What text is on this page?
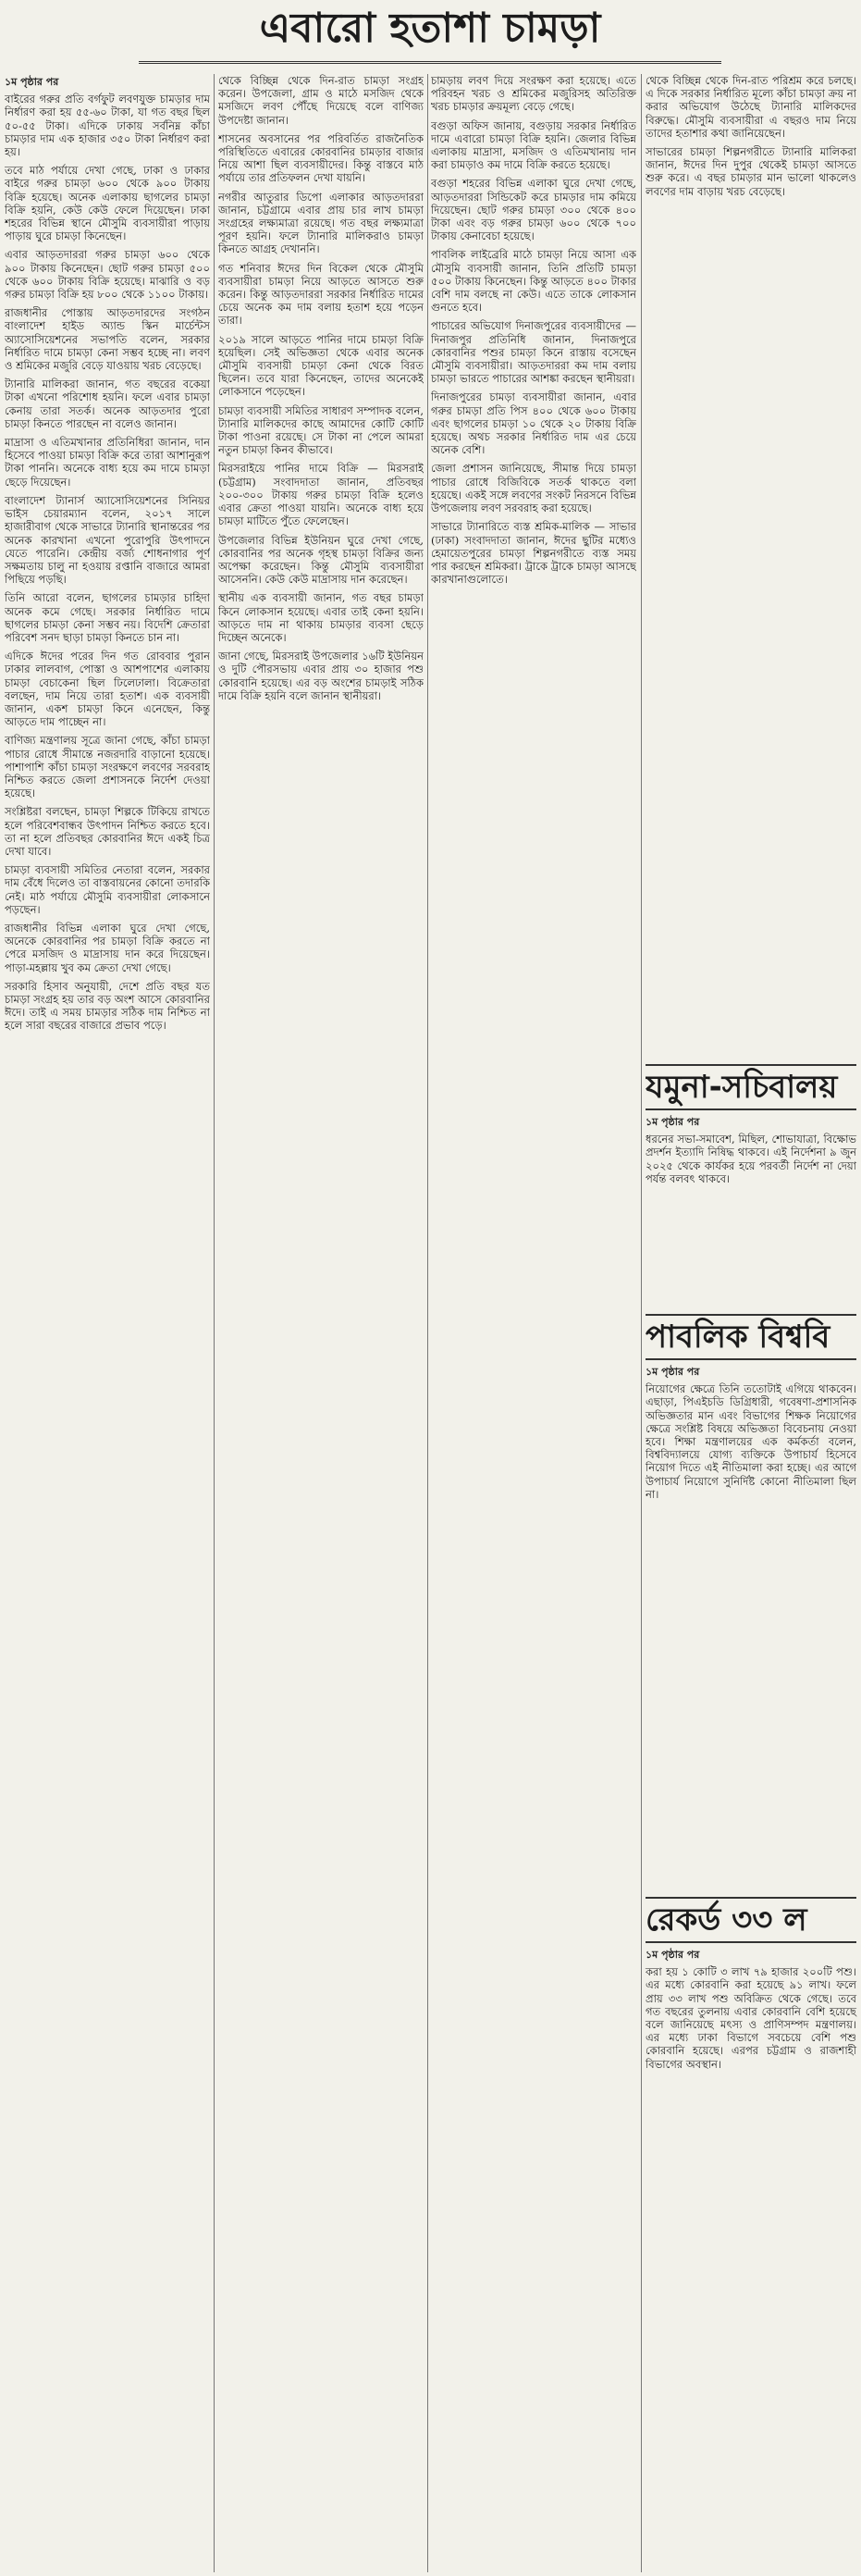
এবারো হতাশা চামড়া
১ম পৃষ্ঠার পর

বাইরের গরুর প্রতি বর্গফুট লবণযুক্ত চামড়ার দাম নির্ধারণ করা হয় ৫৫-৬০ টাকা, যা গত বছর ছিল ৫০-৫৫ টাকা। এদিকে ঢাকায় সর্বনিম্ন কাঁচা চামড়ার দাম এক হাজার ৩৫০ টাকা নির্ধারণ করা হয়।

তবে মাঠ পর্যায়ে দেখা গেছে, ঢাকা ও ঢাকার বাইরে গরুর চামড়া ৬০০ থেকে ৯০০ টাকায় বিক্রি হয়েছে। অনেক এলাকায় ছাগলের চামড়া বিক্রি হয়নি, কেউ কেউ ফেলে দিয়েছেন। ঢাকা শহরের বিভিন্ন স্থানে মৌসুমি ব্যবসায়ীরা পাড়ায় পাড়ায় ঘুরে চামড়া কিনেছেন।

এবার আড়তদাররা গরুর চামড়া ৬০০ থেকে ৯০০ টাকায় কিনেছেন। ছোট গরুর চামড়া ৫০০ থেকে ৬০০ টাকায় বিক্রি হয়েছে। মাঝারি ও বড় গরুর চামড়া বিক্রি হয় ৮০০ থেকে ১১০০ টাকায়।

রাজধানীর পোস্তায় আড়তদারদের সংগঠন বাংলাদেশ হাইড অ্যান্ড স্কিন মার্চেন্টস অ্যাসোসিয়েশনের সভাপতি বলেন, সরকার নির্ধারিত দামে চামড়া কেনা সম্ভব হচ্ছে না। লবণ ও শ্রমিকের মজুরি বেড়ে যাওয়ায় খরচ বেড়েছে।

ট্যানারি মালিকরা জানান, গত বছরের বকেয়া টাকা এখনো পরিশোধ হয়নি। ফলে এবার চামড়া কেনায় তারা সতর্ক। অনেক আড়তদার পুরো চামড়া কিনতে পারছেন না বলেও জানান।

মাদ্রাসা ও এতিমখানার প্রতিনিধিরা জানান, দান হিসেবে পাওয়া চামড়া বিক্রি করে তারা আশানুরূপ টাকা পাননি। অনেকে বাধ্য হয়ে কম দামে চামড়া ছেড়ে দিয়েছেন।

বাংলাদেশ ট্যানার্স অ্যাসোসিয়েশনের সিনিয়র ভাইস চেয়ারম্যান বলেন, ২০১৭ সালে হাজারীবাগ থেকে সাভারে ট্যানারি স্থানান্তরের পর অনেক কারখানা এখনো পুরোপুরি উৎপাদনে যেতে পারেনি। কেন্দ্রীয় বর্জ্য শোধনাগার পূর্ণ সক্ষমতায় চালু না হওয়ায় রপ্তানি বাজারে আমরা পিছিয়ে পড়ছি।

তিনি আরো বলেন, ছাগলের চামড়ার চাহিদা অনেক কমে গেছে। সরকার নির্ধারিত দামে ছাগলের চামড়া কেনা সম্ভব নয়। বিদেশি ক্রেতারা পরিবেশ সনদ ছাড়া চামড়া কিনতে চান না।

এদিকে ঈদের পরের দিন গত রোববার পুরান ঢাকার লালবাগ, পোস্তা ও আশপাশের এলাকায় চামড়া বেচাকেনা ছিল ঢিলেঢালা। বিক্রেতারা বলছেন, দাম নিয়ে তারা হতাশ। এক ব্যবসায়ী জানান, একশ চামড়া কিনে এনেছেন, কিন্তু আড়তে দাম পাচ্ছেন না।

বাণিজ্য মন্ত্রণালয় সূত্রে জানা গেছে, কাঁচা চামড়া পাচার রোধে সীমান্তে নজরদারি বাড়ানো হয়েছে। পাশাপাশি কাঁচা চামড়া সংরক্ষণে লবণের সরবরাহ নিশ্চিত করতে জেলা প্রশাসনকে নির্দেশ দেওয়া হয়েছে।

সংশ্লিষ্টরা বলছেন, চামড়া শিল্পকে টিকিয়ে রাখতে হলে পরিবেশবান্ধব উৎপাদন নিশ্চিত করতে হবে। তা না হলে প্রতিবছর কোরবানির ঈদে একই চিত্র দেখা যাবে।

চামড়া ব্যবসায়ী সমিতির নেতারা বলেন, সরকার দাম বেঁধে দিলেও তা বাস্তবায়নের কোনো তদারকি নেই। মাঠ পর্যায়ে মৌসুমি ব্যবসায়ীরা লোকসানে পড়ছেন।

রাজধানীর বিভিন্ন এলাকা ঘুরে দেখা গেছে, অনেকে কোরবানির পর চামড়া বিক্রি করতে না পেরে মসজিদ ও মাদ্রাসায় দান করে দিয়েছেন। পাড়া-মহল্লায় খুব কম ক্রেতা দেখা গেছে।

সরকারি হিসাব অনুযায়ী, দেশে প্রতি বছর যত চামড়া সংগ্রহ হয় তার বড় অংশ আসে কোরবানির ঈদে। তাই এ সময় চামড়ার সঠিক দাম নিশ্চিত না হলে সারা বছরের বাজারে প্রভাব পড়ে।

থেকে বিচ্ছিন্ন থেকে দিন-রাত চামড়া সংগ্রহ করেন। উপজেলা, গ্রাম ও মাঠে মসজিদ থেকে মসজিদে লবণ পৌঁছে দিয়েছে বলে বাণিজ্য উপদেষ্টা জানান।

শাসনের অবসানের পর পরিবর্তিত রাজনৈতিক পরিস্থিতিতে এবারের কোরবানির চামড়ার বাজার নিয়ে আশা ছিল ব্যবসায়ীদের। কিন্তু বাস্তবে মাঠ পর্যায়ে তার প্রতিফলন দেখা যায়নি।

নগরীর আতুরার ডিপো এলাকার আড়তদাররা জানান, চট্টগ্রামে এবার প্রায় চার লাখ চামড়া সংগ্রহের লক্ষ্যমাত্রা রয়েছে। গত বছর লক্ষ্যমাত্রা পূরণ হয়নি। ফলে ট্যানারি মালিকরাও চামড়া কিনতে আগ্রহ দেখাননি।

গত শনিবার ঈদের দিন বিকেল থেকে মৌসুমি ব্যবসায়ীরা চামড়া নিয়ে আড়তে আসতে শুরু করেন। কিন্তু আড়তদাররা সরকার নির্ধারিত দামের চেয়ে অনেক কম দাম বলায় হতাশ হয়ে পড়েন তারা।

২০১৯ সালে আড়তে পানির দামে চামড়া বিক্রি হয়েছিল। সেই অভিজ্ঞতা থেকে এবার অনেক মৌসুমি ব্যবসায়ী চামড়া কেনা থেকে বিরত ছিলেন। তবে যারা কিনেছেন, তাদের অনেকেই লোকসানে পড়েছেন।

চামড়া ব্যবসায়ী সমিতির সাধারণ সম্পাদক বলেন, ট্যানারি মালিকদের কাছে আমাদের কোটি কোটি টাকা পাওনা রয়েছে। সে টাকা না পেলে আমরা নতুন চামড়া কিনব কীভাবে।

মিরসরাইয়ে পানির দামে বিক্রি — মিরসরাই (চট্টগ্রাম) সংবাদদাতা জানান, প্রতিবছর ২০০-৩০০ টাকায় গরুর চামড়া বিক্রি হলেও এবার ক্রেতা পাওয়া যায়নি। অনেকে বাধ্য হয়ে চামড়া মাটিতে পুঁতে ফেলেছেন।

উপজেলার বিভিন্ন ইউনিয়ন ঘুরে দেখা গেছে, কোরবানির পর অনেক গৃহস্থ চামড়া বিক্রির জন্য অপেক্ষা করেছেন। কিন্তু মৌসুমি ব্যবসায়ীরা আসেননি। কেউ কেউ মাদ্রাসায় দান করেছেন।

স্থানীয় এক ব্যবসায়ী জানান, গত বছর চামড়া কিনে লোকসান হয়েছে। এবার তাই কেনা হয়নি। আড়তে দাম না থাকায় চামড়ার ব্যবসা ছেড়ে দিচ্ছেন অনেকে।

জানা গেছে, মিরসরাই উপজেলার ১৬টি ইউনিয়ন ও দুটি পৌরসভায় এবার প্রায় ৩০ হাজার পশু কোরবানি হয়েছে। এর বড় অংশের চামড়াই সঠিক দামে বিক্রি হয়নি বলে জানান স্থানীয়রা।

চামড়ায় লবণ দিয়ে সংরক্ষণ করা হয়েছে। এতে পরিবহন খরচ ও শ্রমিকের মজুরিসহ অতিরিক্ত খরচ চামড়ার ক্রয়মূল্য বেড়ে গেছে।

বগুড়া অফিস জানায়, বগুড়ায় সরকার নির্ধারিত দামে এবারো চামড়া বিক্রি হয়নি। জেলার বিভিন্ন এলাকায় মাদ্রাসা, মসজিদ ও এতিমখানায় দান করা চামড়াও কম দামে বিক্রি করতে হয়েছে।

বগুড়া শহরের বিভিন্ন এলাকা ঘুরে দেখা গেছে, আড়তদাররা সিন্ডিকেট করে চামড়ার দাম কমিয়ে দিয়েছেন। ছোট গরুর চামড়া ৩০০ থেকে ৪০০ টাকা এবং বড় গরুর চামড়া ৬০০ থেকে ৭০০ টাকায় কেনাবেচা হয়েছে।

পাবলিক লাইব্রেরি মাঠে চামড়া নিয়ে আসা এক মৌসুমি ব্যবসায়ী জানান, তিনি প্রতিটি চামড়া ৫০০ টাকায় কিনেছেন। কিন্তু আড়তে ৪০০ টাকার বেশি দাম বলছে না কেউ। এতে তাকে লোকসান গুনতে হবে।

পাচারের অভিযোগ দিনাজপুরের ব্যবসায়ীদের — দিনাজপুর প্রতিনিধি জানান, দিনাজপুরে কোরবানির পশুর চামড়া কিনে রাস্তায় বসেছেন মৌসুমি ব্যবসায়ীরা। আড়তদাররা কম দাম বলায় চামড়া ভারতে পাচারের আশঙ্কা করছেন স্থানীয়রা।

দিনাজপুরের চামড়া ব্যবসায়ীরা জানান, এবার গরুর চামড়া প্রতি পিস ৪০০ থেকে ৬০০ টাকায় এবং ছাগলের চামড়া ১০ থেকে ২০ টাকায় বিক্রি হয়েছে। অথচ সরকার নির্ধারিত দাম এর চেয়ে অনেক বেশি।

জেলা প্রশাসন জানিয়েছে, সীমান্ত দিয়ে চামড়া পাচার রোধে বিজিবিকে সতর্ক থাকতে বলা হয়েছে। একই সঙ্গে লবণের সংকট নিরসনে বিভিন্ন উপজেলায় লবণ সরবরাহ করা হয়েছে।

সাভারে ট্যানারিতে ব্যস্ত শ্রমিক-মালিক — সাভার (ঢাকা) সংবাদদাতা জানান, ঈদের ছুটির মধ্যেও হেমায়েতপুরের চামড়া শিল্পনগরীতে ব্যস্ত সময় পার করছেন শ্রমিকরা। ট্রাকে ট্রাকে চামড়া আসছে কারখানাগুলোতে।

থেকে বিচ্ছিন্ন থেকে দিন-রাত পরিশ্রম করে চলছে। এ দিকে সরকার নির্ধারিত মূল্যে কাঁচা চামড়া ক্রয় না করার অভিযোগ উঠেছে ট্যানারি মালিকদের বিরুদ্ধে। মৌসুমি ব্যবসায়ীরা এ বছরও দাম নিয়ে তাদের হতাশার কথা জানিয়েছেন।

সাভারের চামড়া শিল্পনগরীতে ট্যানারি মালিকরা জানান, ঈদের দিন দুপুর থেকেই চামড়া আসতে শুরু করে। এ বছর চামড়ার মান ভালো থাকলেও লবণের দাম বাড়ায় খরচ বেড়েছে।

যমুনা-সচিবালয়
১ম পৃষ্ঠার পর

ধরনের সভা-সমাবেশ, মিছিল, শোভাযাত্রা, বিক্ষোভ প্রদর্শন ইত্যাদি নিষিদ্ধ থাকবে। এই নির্দেশনা ৯ জুন ২০২৫ থেকে কার্যকর হয়ে পরবর্তী নির্দেশ না দেয়া পর্যন্ত বলবৎ থাকবে।

পাবলিক বিশ্ববি
১ম পৃষ্ঠার পর

নিয়োগের ক্ষেত্রে তিনি ততোটাই এগিয়ে থাকবেন। এছাড়া, পিএইচডি ডিগ্রিধারী, গবেষণা-প্রশাসনিক অভিজ্ঞতার মান এবং বিভাগের শিক্ষক নিয়োগের ক্ষেত্রে সংশ্লিষ্ট বিষয়ে অভিজ্ঞতা বিবেচনায় নেওয়া হবে। শিক্ষা মন্ত্রণালয়ের এক কর্মকর্তা বলেন, বিশ্ববিদ্যালয়ে যোগ্য ব্যক্তিকে উপাচার্য হিসেবে নিয়োগ দিতে এই নীতিমালা করা হচ্ছে। এর আগে উপাচার্য নিয়োগে সুনির্দিষ্ট কোনো নীতিমালা ছিল না।

রেকর্ড ৩৩ ল
১ম পৃষ্ঠার পর

করা হয় ১ কোটি ৩ লাখ ৭৯ হাজার ২০০টি পশু। এর মধ্যে কোরবানি করা হয়েছে ৯১ লাখ। ফলে প্রায় ৩৩ লাখ পশু অবিক্রিত থেকে গেছে। তবে গত বছরের তুলনায় এবার কোরবানি বেশি হয়েছে বলে জানিয়েছে মৎস্য ও প্রাণিসম্পদ মন্ত্রণালয়। এর মধ্যে ঢাকা বিভাগে সবচেয়ে বেশি পশু কোরবানি হয়েছে। এরপর চট্টগ্রাম ও রাজশাহী বিভাগের অবস্থান।
